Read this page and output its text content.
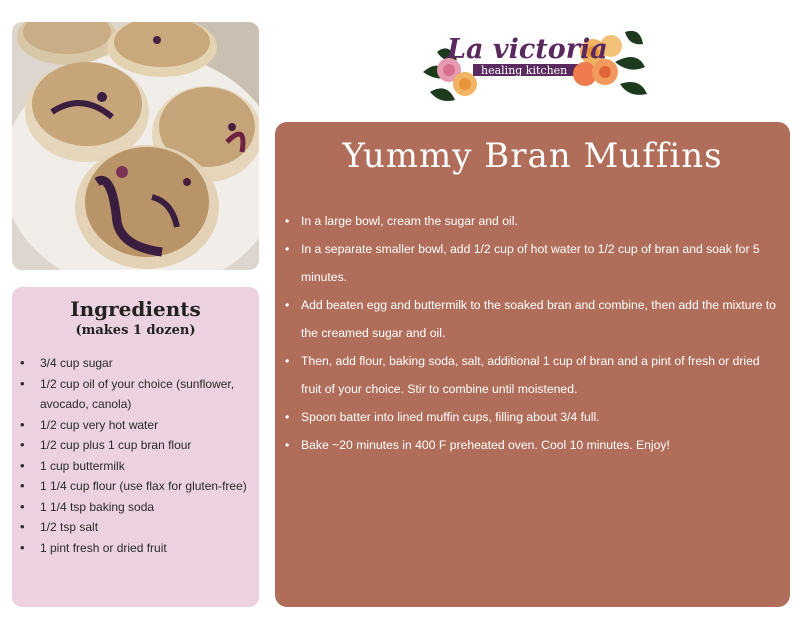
La victoria
healing kitchen
Ingredients
(makes 1 dozen)
• 3/4 cup sugar
• 1/2 cup oil of your choice (sunflower, avocado, canola)
• 1/2 cup very hot water
• 1/2 cup plus 1 cup bran flour
• 1 cup buttermilk
• 1 1/4 cup flour (use flax for gluten-free)
• 1 1/4 tsp baking soda
• 1/2 tsp salt
• 1 pint fresh or dried fruit
Yummy Bran Muffins
• In a large bowl, cream the sugar and oil.
• In a separate smaller bowl, add 1/2 cup of hot water to 1/2 cup of bran and soak for 5 minutes.
• Add beaten egg and buttermilk to the soaked bran and combine, then add the mixture to the creamed sugar and oil.
• Then, add flour, baking soda, salt, additional 1 cup of bran and a pint of fresh or dried fruit of your choice. Stir to combine until moistened.
• Spoon batter into lined muffin cups, filling about 3/4 full.
• Bake ~20 minutes in 400 F preheated oven. Cool 10 minutes. Enjoy!
